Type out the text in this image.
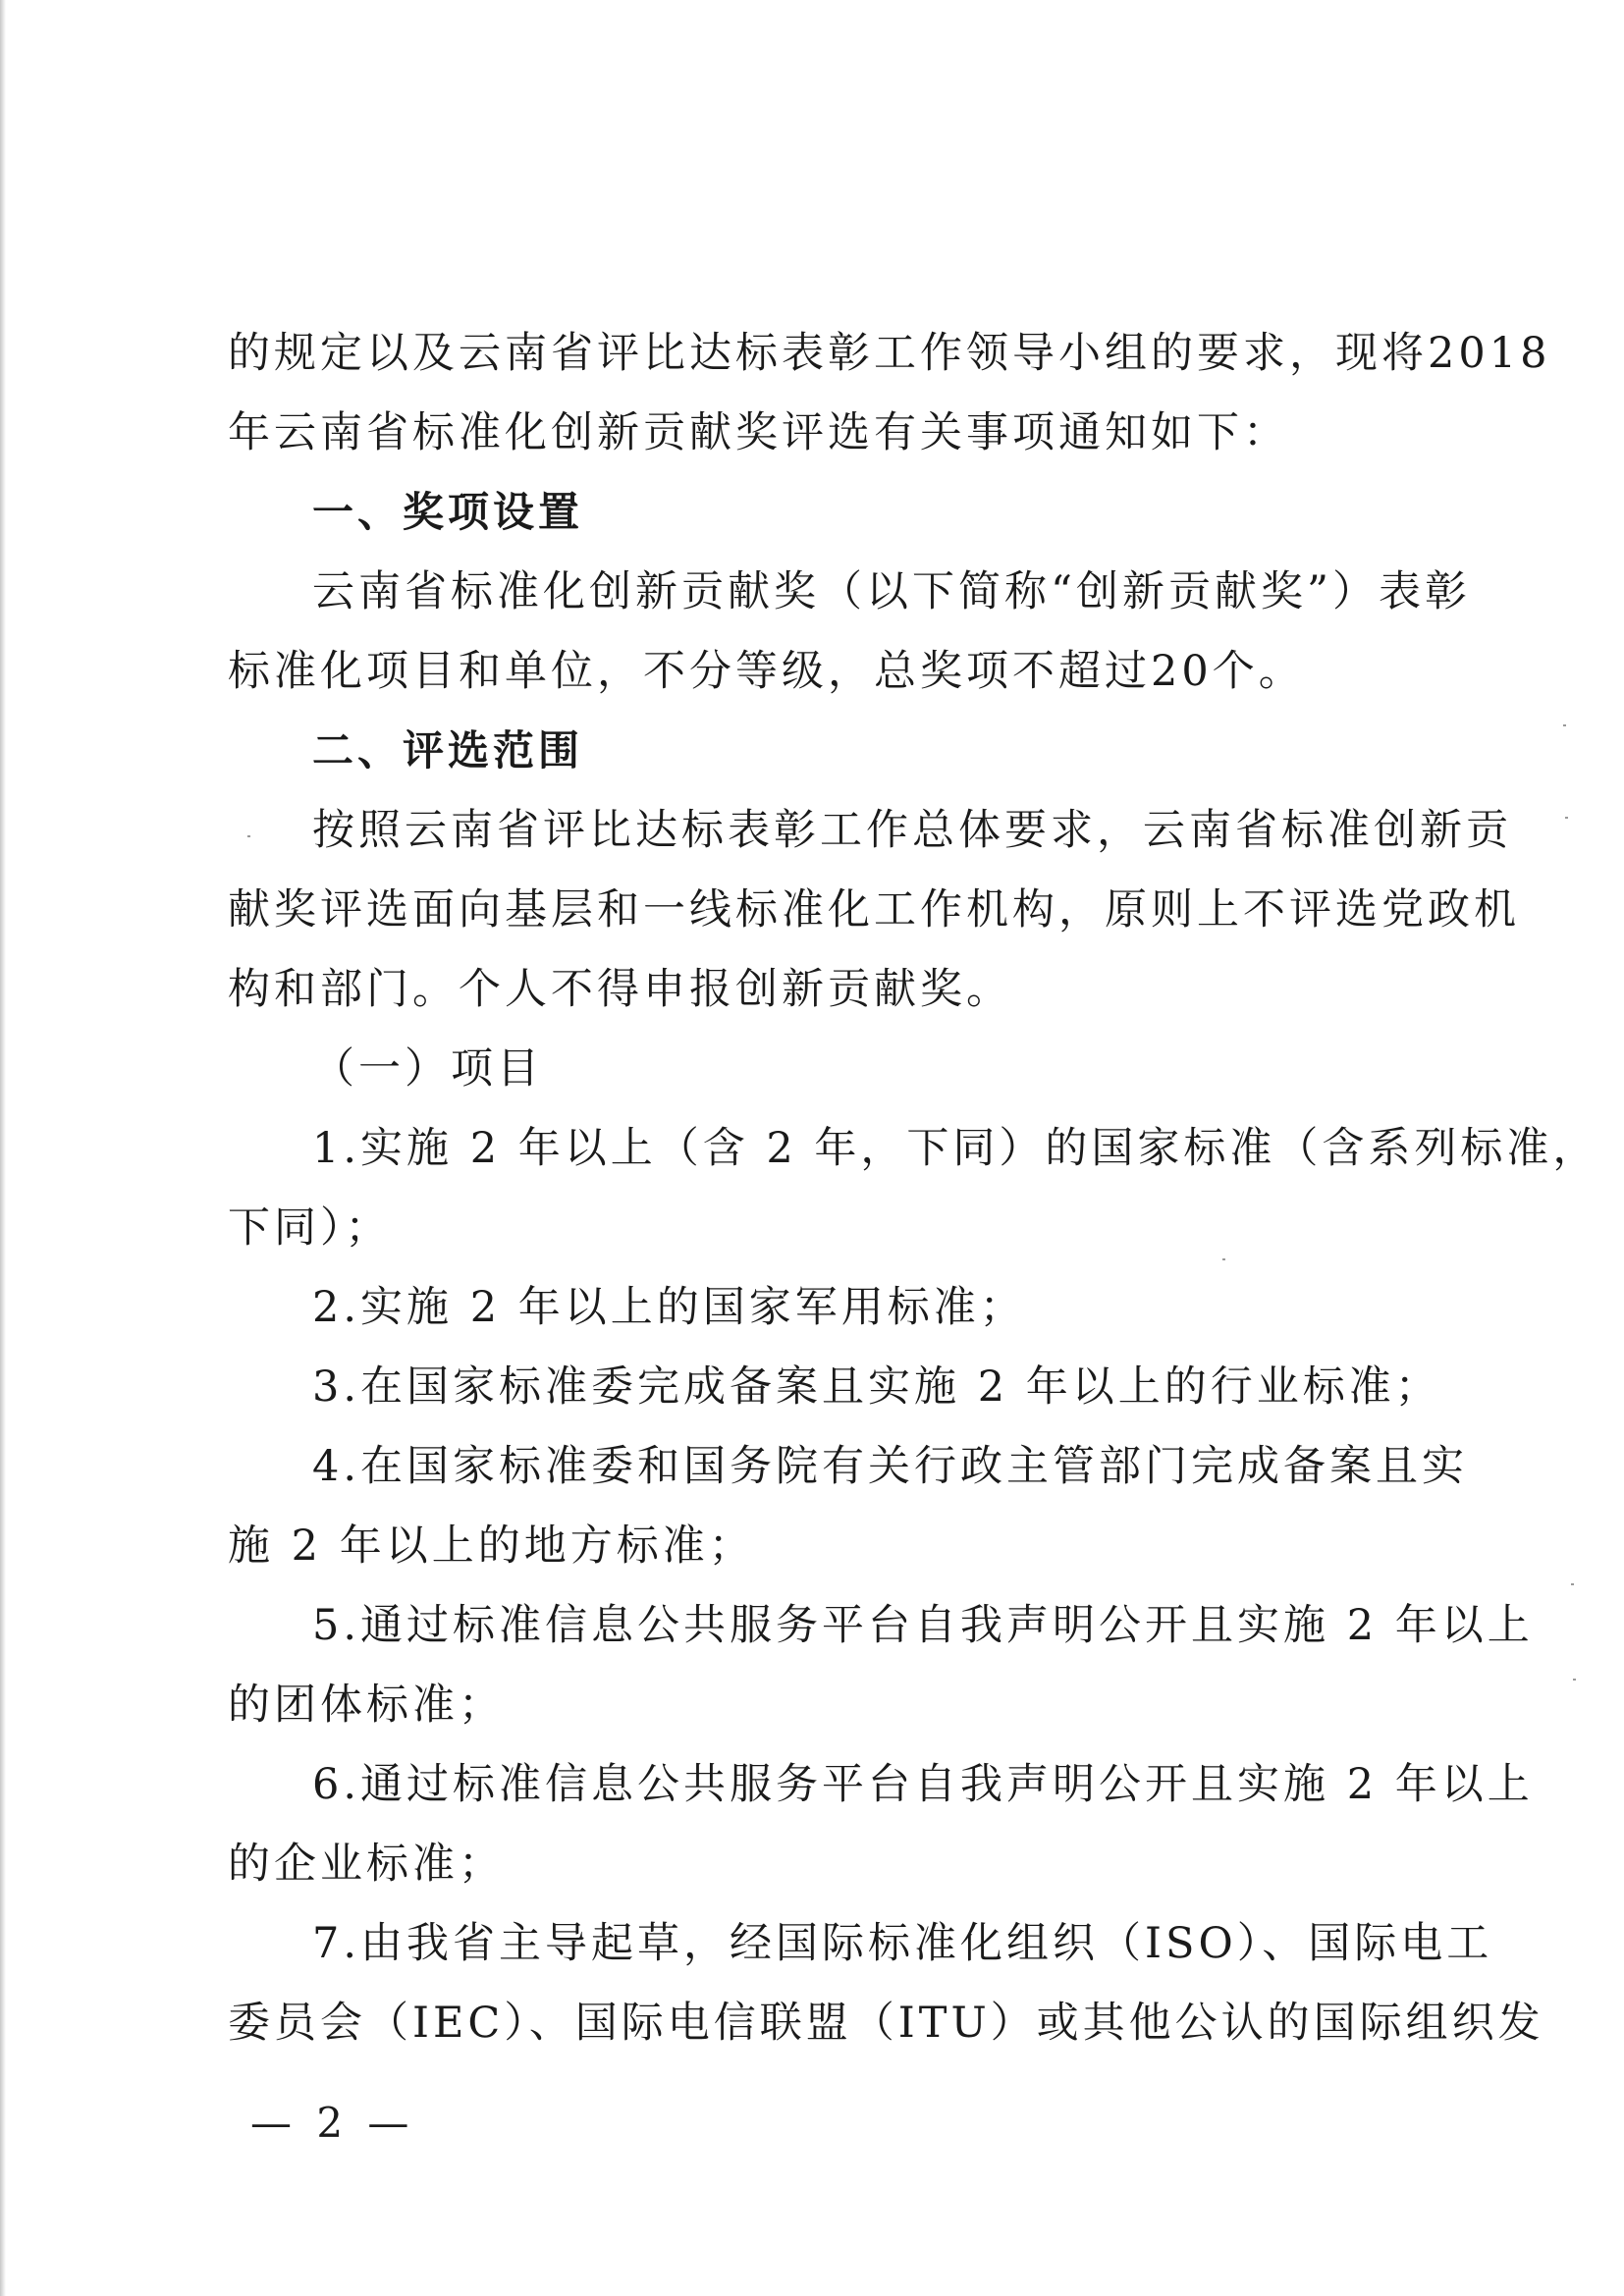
的规定以及云南省评比达标表彰工作领导小组的要求，现将2018
年云南省标准化创新贡献奖评选有关事项通知如下：
一、奖项设置
云南省标准化创新贡献奖（以下简称“创新贡献奖”）表彰
标准化项目和单位，不分等级，总奖项不超过20个。
二、评选范围
按照云南省评比达标表彰工作总体要求，云南省标准创新贡
献奖评选面向基层和一线标准化工作机构，原则上不评选党政机
构和部门。个人不得申报创新贡献奖。
（一）项目
1.实施 2 年以上（含 2 年，下同）的国家标准（含系列标准，
下同）；
2.实施 2 年以上的国家军用标准；
3.在国家标准委完成备案且实施 2 年以上的行业标准；
4.在国家标准委和国务院有关行政主管部门完成备案且实
施 2 年以上的地方标准；
5.通过标准信息公共服务平台自我声明公开且实施 2 年以上
的团体标准；
6.通过标准信息公共服务平台自我声明公开且实施 2 年以上
的企业标准；
7.由我省主导起草，经国际标准化组织（ISO）、国际电工
委员会（IEC）、国际电信联盟（ITU）或其他公认的国际组织发
— 2 —
